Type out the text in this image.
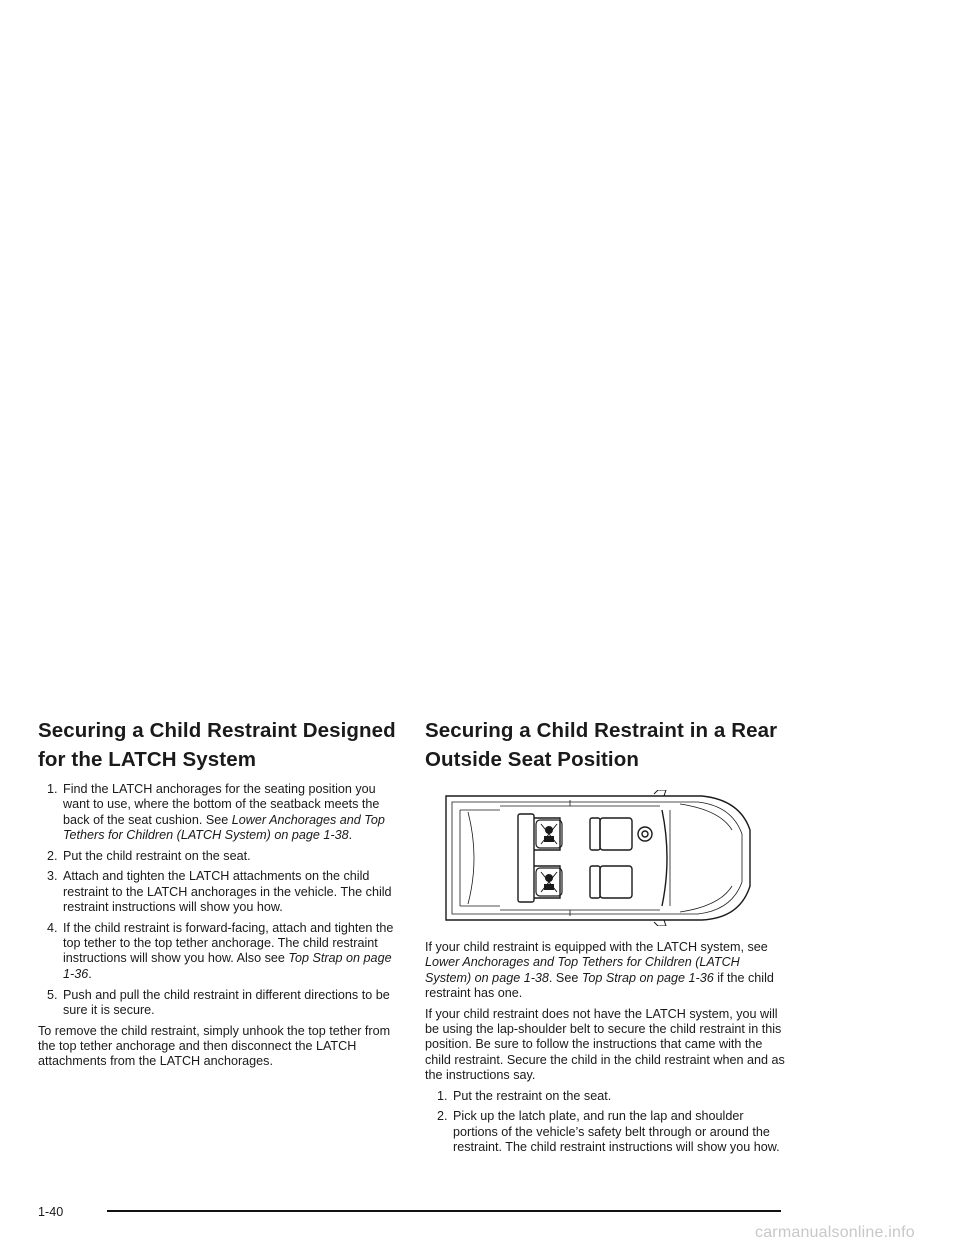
Securing a Child Restraint Designed for the LATCH System
1. Find the LATCH anchorages for the seating position you want to use, where the bottom of the seatback meets the back of the seat cushion. See Lower Anchorages and Top Tethers for Children (LATCH System) on page 1-38.
2. Put the child restraint on the seat.
3. Attach and tighten the LATCH attachments on the child restraint to the LATCH anchorages in the vehicle. The child restraint instructions will show you how.
4. If the child restraint is forward-facing, attach and tighten the top tether to the top tether anchorage. The child restraint instructions will show you how. Also see Top Strap on page 1-36.
5. Push and pull the child restraint in different directions to be sure it is secure.

To remove the child restraint, simply unhook the top tether from the top tether anchorage and then disconnect the LATCH attachments from the LATCH anchorages.

Securing a Child Restraint in a Rear Outside Seat Position

If your child restraint is equipped with the LATCH system, see Lower Anchorages and Top Tethers for Children (LATCH System) on page 1-38. See Top Strap on page 1-36 if the child restraint has one.

If your child restraint does not have the LATCH system, you will be using the lap-shoulder belt to secure the child restraint in this position. Be sure to follow the instructions that came with the child restraint. Secure the child in the child restraint when and as the instructions say.

1. Put the restraint on the seat.
2. Pick up the latch plate, and run the lap and shoulder portions of the vehicle’s safety belt through or around the restraint. The child restraint instructions will show you how.
1-40
carmanualsonline.info
